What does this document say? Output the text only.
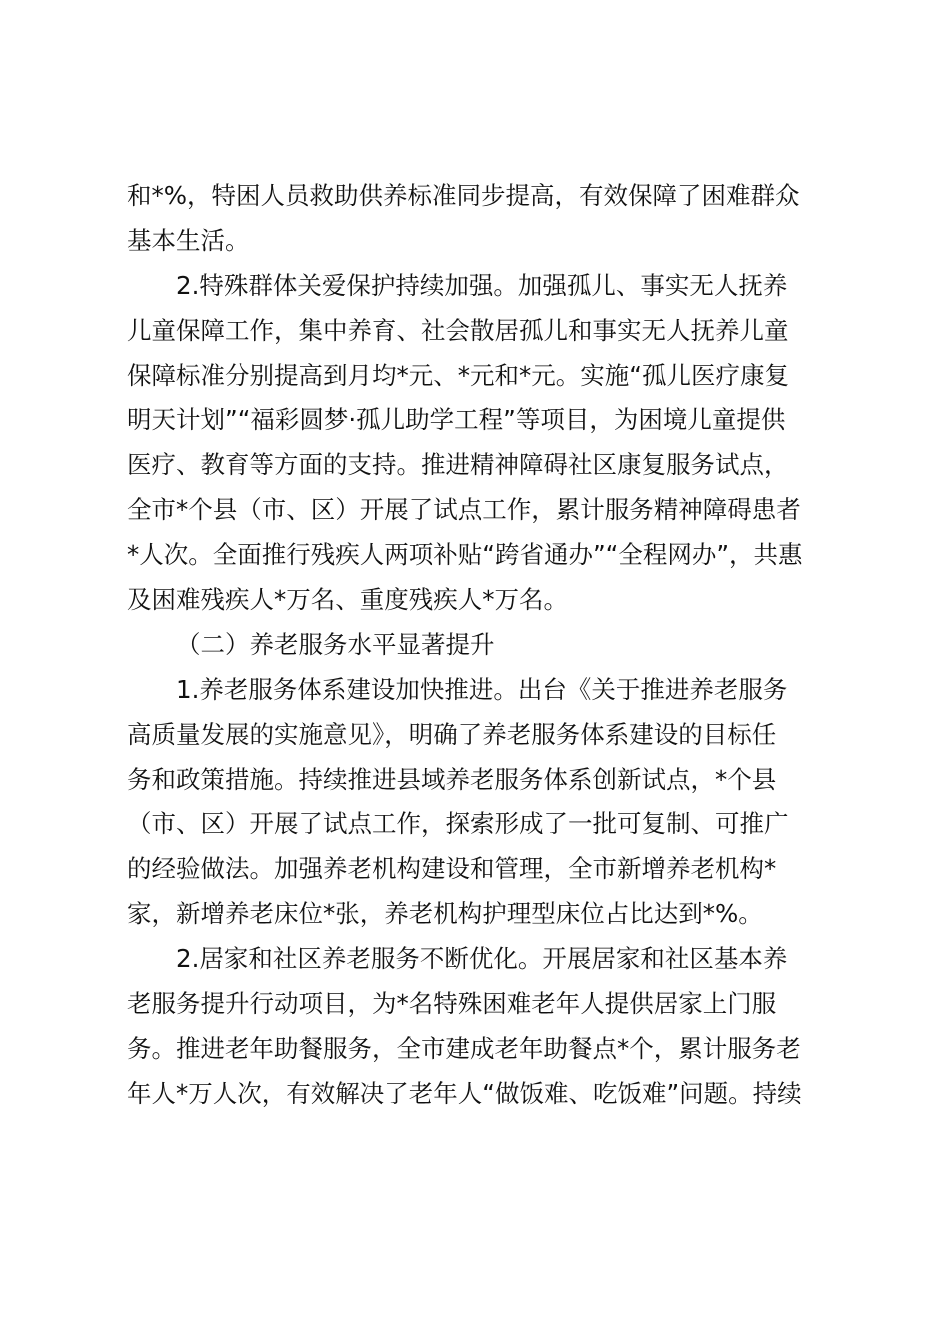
和*%，特困人员救助供养标准同步提高，有效保障了困难群众
基本生活。
2.特殊群体关爱保护持续加强。加强孤儿、事实无人抚养
儿童保障工作，集中养育、社会散居孤儿和事实无人抚养儿童
保障标准分别提高到月均*元、*元和*元。实施“孤儿医疗康复
明天计划”“福彩圆梦·孤儿助学工程”等项目，为困境儿童提供
医疗、教育等方面的支持。推进精神障碍社区康复服务试点，
全市*个县（市、区）开展了试点工作，累计服务精神障碍患者
*人次。全面推行残疾人两项补贴“跨省通办”“全程网办”，共惠
及困难残疾人*万名、重度残疾人*万名。
（二）养老服务水平显著提升
1.养老服务体系建设加快推进。出台《关于推进养老服务
高质量发展的实施意见》，明确了养老服务体系建设的目标任
务和政策措施。持续推进县域养老服务体系创新试点，*个县
（市、区）开展了试点工作，探索形成了一批可复制、可推广
的经验做法。加强养老机构建设和管理，全市新增养老机构*
家，新增养老床位*张，养老机构护理型床位占比达到*%。
2.居家和社区养老服务不断优化。开展居家和社区基本养
老服务提升行动项目，为*名特殊困难老年人提供居家上门服
务。推进老年助餐服务，全市建成老年助餐点*个，累计服务老
年人*万人次，有效解决了老年人“做饭难、吃饭难”问题。持续
